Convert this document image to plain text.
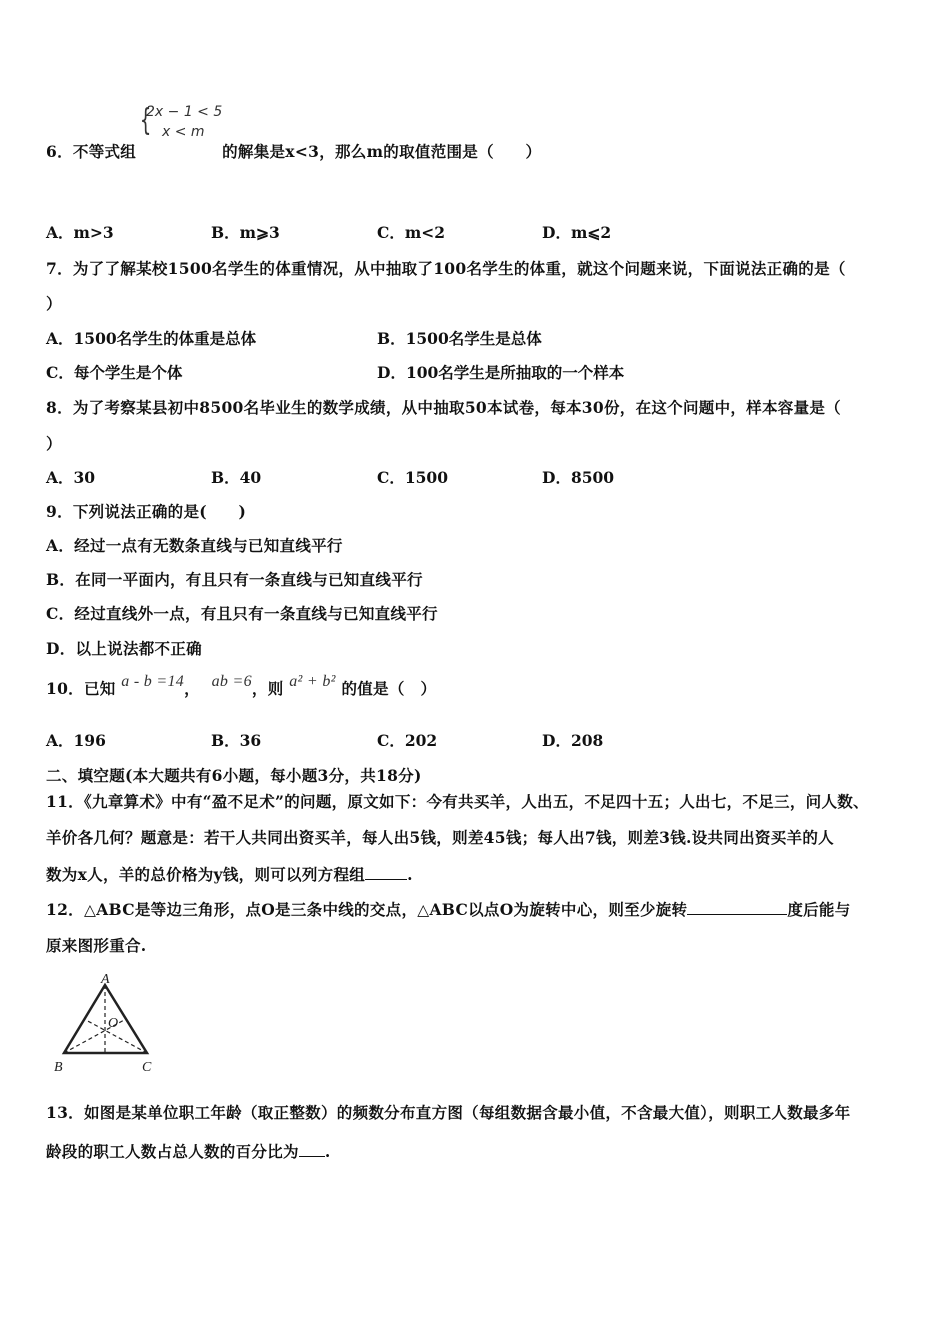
{
2x − 1 < 5
x < m
6．不等式组	的解集是x<3，那么m的取值范围是（　　）
A．m>3	B．m⩾3	C．m<2	D．m⩽2
7．为了了解某校1500名学生的体重情况，从中抽取了100名学生的体重，就这个问题来说，下面说法正确的是（
）
A．1500名学生的体重是总体	B．1500名学生是总体
C．每个学生是个体	D．100名学生是所抽取的一个样本
8．为了考察某县初中8500名毕业生的数学成绩，从中抽取50本试卷，每本30份，在这个问题中，样本容量是（
）
A．30	B．40	C．1500	D．8500
9．下列说法正确的是(　　)
A．经过一点有无数条直线与已知直线平行
B．在同一平面内，有且只有一条直线与已知直线平行
C．经过直线外一点，有且只有一条直线与已知直线平行
D．以上说法都不正确
10．已知 a - b =14， ab =6，则 a² + b² 的值是（　）
A．196	B．36	C．202	D．208
二、填空题(本大题共有6小题，每小题3分，共18分)
11．《九章算术》中有“盈不足术”的问题，原文如下：今有共买羊，人出五，不足四十五；人出七，不足三，问人数、
羊价各几何？题意是：若干人共同出资买羊，每人出5钱，则差45钱；每人出7钱，则差3钱.设共同出资买羊的人
数为x人，羊的总价格为y钱，则可以列方程组	.
12．△ABC是等边三角形，点O是三条中线的交点，△ABC以点O为旋转中心，则至少旋转	度后能与
原来图形重合.
A
B	C
O
13．如图是某单位职工年龄（取正整数）的频数分布直方图（每组数据含最小值，不含最大值），则职工人数最多年
龄段的职工人数占总人数的百分比为 .
